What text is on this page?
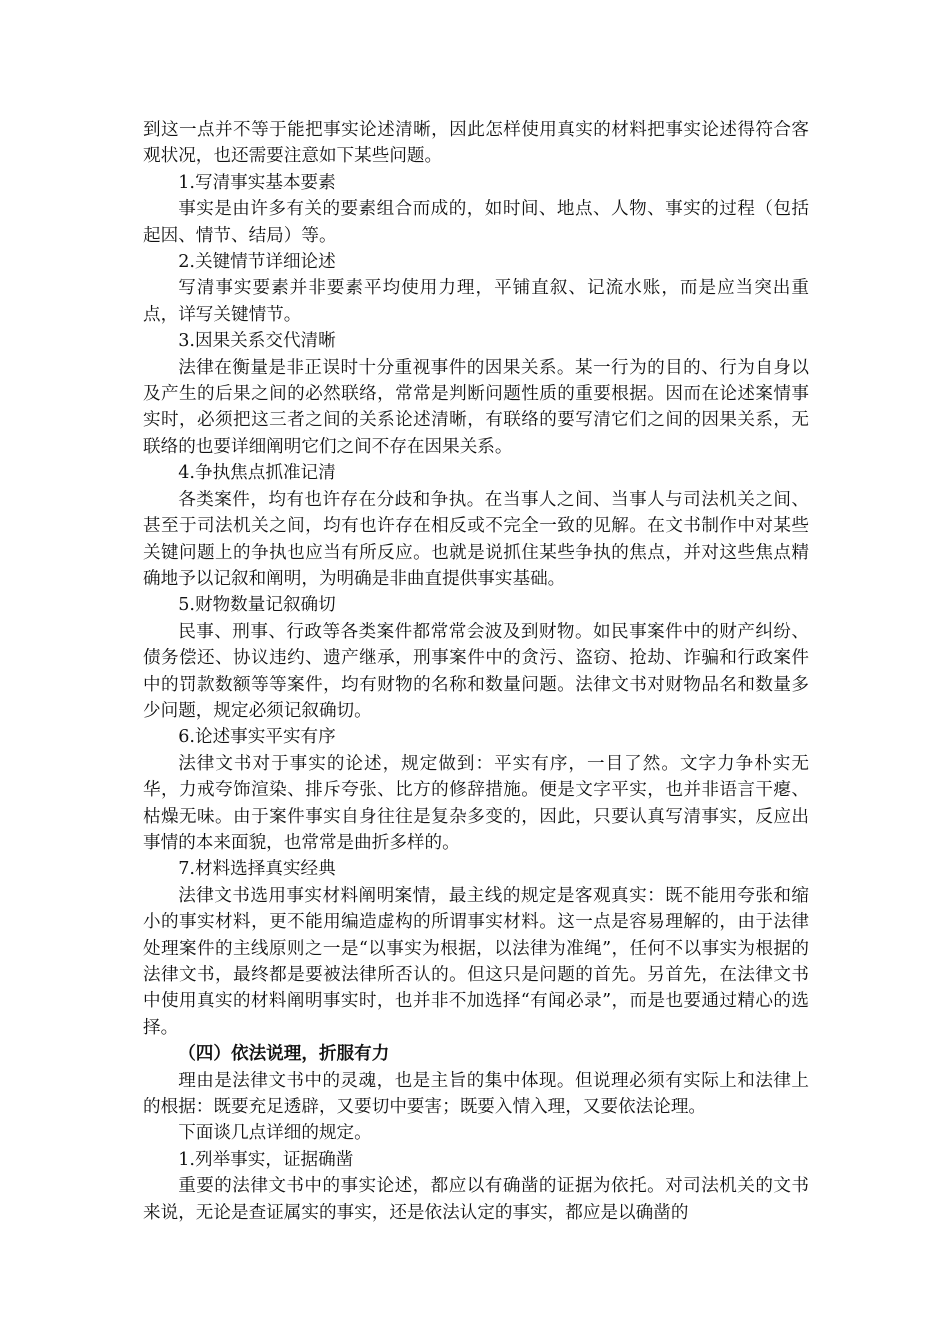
到这一点并不等于能把事实论述清晰，因此怎样使用真实的材料把事实论述得符合客观状况，也还需要注意如下某些问题。

1.写清事实基本要素

事实是由许多有关的要素组合而成的，如时间、地点、人物、事实的过程（包括起因、情节、结局）等。

2.关键情节详细论述

写清事实要素并非要素平均使用力理，平铺直叙、记流水账，而是应当突出重点，详写关键情节。

3.因果关系交代清晰

法律在衡量是非正误时十分重视事件的因果关系。某一行为的目的、行为自身以及产生的后果之间的必然联络，常常是判断问题性质的重要根据。因而在论述案情事实时，必须把这三者之间的关系论述清晰，有联络的要写清它们之间的因果关系，无联络的也要详细阐明它们之间不存在因果关系。

4.争执焦点抓准记清

各类案件，均有也许存在分歧和争执。在当事人之间、当事人与司法机关之间、甚至于司法机关之间，均有也许存在相反或不完全一致的见解。在文书制作中对某些关键问题上的争执也应当有所反应。也就是说抓住某些争执的焦点，并对这些焦点精确地予以记叙和阐明，为明确是非曲直提供事实基础。

5.财物数量记叙确切

民事、刑事、行政等各类案件都常常会波及到财物。如民事案件中的财产纠纷、债务偿还、协议违约、遗产继承，刑事案件中的贪污、盗窃、抢劫、诈骗和行政案件中的罚款数额等等案件，均有财物的名称和数量问题。法律文书对财物品名和数量多少问题，规定必须记叙确切。

6.论述事实平实有序

法律文书对于事实的论述，规定做到：平实有序，一目了然。文字力争朴实无华，力戒夸饰渲染、排斥夸张、比方的修辞措施。便是文字平实，也并非语言干瘪、枯燥无味。由于案件事实自身往往是复杂多变的，因此，只要认真写清事实，反应出事情的本来面貌，也常常是曲折多样的。

7.材料选择真实经典

法律文书选用事实材料阐明案情，最主线的规定是客观真实：既不能用夸张和缩小的事实材料，更不能用编造虚构的所谓事实材料。这一点是容易理解的，由于法律处理案件的主线原则之一是“以事实为根据，以法律为准绳”，任何不以事实为根据的法律文书，最终都是要被法律所否认的。但这只是问题的首先。另首先，在法律文书中使用真实的材料阐明事实时，也并非不加选择“有闻必录”，而是也要通过精心的选择。

（四）依法说理，折服有力

理由是法律文书中的灵魂，也是主旨的集中体现。但说理必须有实际上和法律上的根据：既要充足透辟，又要切中要害；既要入情入理，又要依法论理。

下面谈几点详细的规定。

1.列举事实，证据确凿

重要的法律文书中的事实论述，都应以有确凿的证据为依托。对司法机关的文书来说，无论是查证属实的事实，还是依法认定的事实，都应是以确凿的
